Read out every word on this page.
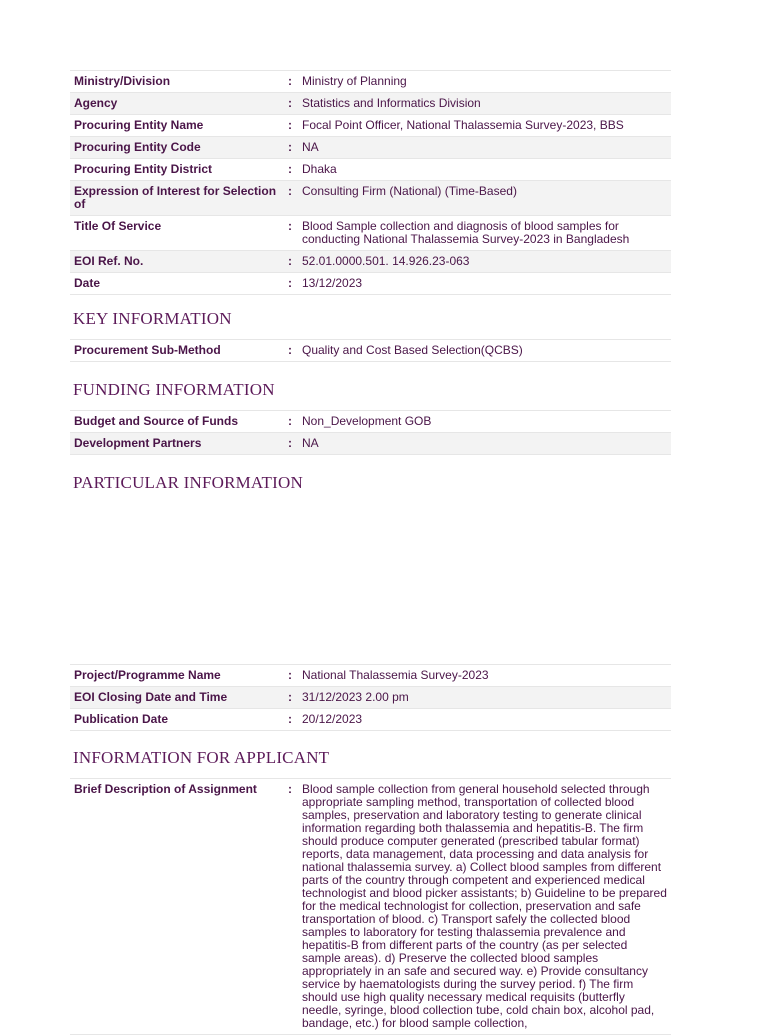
Ministry/Division	:	Ministry of Planning
Agency	:	Statistics and Informatics Division
Procuring Entity Name	:	Focal Point Officer, National Thalassemia Survey-2023, BBS
Procuring Entity Code	:	NA
Procuring Entity District	:	Dhaka
Expression of Interest for Selection of	:	Consulting Firm (National) (Time-Based)
Title Of Service	:	Blood Sample collection and diagnosis of blood samples for conducting National Thalassemia Survey-2023 in Bangladesh
EOI Ref. No.	:	52.01.0000.501. 14.926.23-063
Date	:	13/12/2023
KEY INFORMATION
Procurement Sub-Method	:	Quality and Cost Based Selection(QCBS)
FUNDING INFORMATION
Budget and Source of Funds	:	Non_Development GOB
Development Partners	:	NA
PARTICULAR INFORMATION
Project/Programme Name	:	National Thalassemia Survey-2023
EOI Closing Date and Time	:	31/12/2023 2.00 pm
Publication Date	:	20/12/2023
INFORMATION FOR APPLICANT
Brief Description of Assignment	:	Blood sample collection from general household selected through appropriate sampling method, transportation of collected blood samples, preservation and laboratory testing to generate clinical information regarding both thalassemia and hepatitis-B. The firm should produce computer generated (prescribed tabular format) reports, data management, data processing and data analysis for national thalassemia survey. a) Collect blood samples from different parts of the country through competent and experienced medical technologist and blood picker assistants; b) Guideline to be prepared for the medical technologist for collection, preservation and safe transportation of blood. c) Transport safely the collected blood samples to laboratory for testing thalassemia prevalence and hepatitis-B from different parts of the country (as per selected sample areas). d) Preserve the collected blood samples appropriately in an safe and secured way. e) Provide consultancy service by haematologists during the survey period. f) The firm should use high quality necessary medical requisits (butterfly needle, syringe, blood collection tube, cold chain box, alcohol pad, bandage, etc.) for blood sample collection,
